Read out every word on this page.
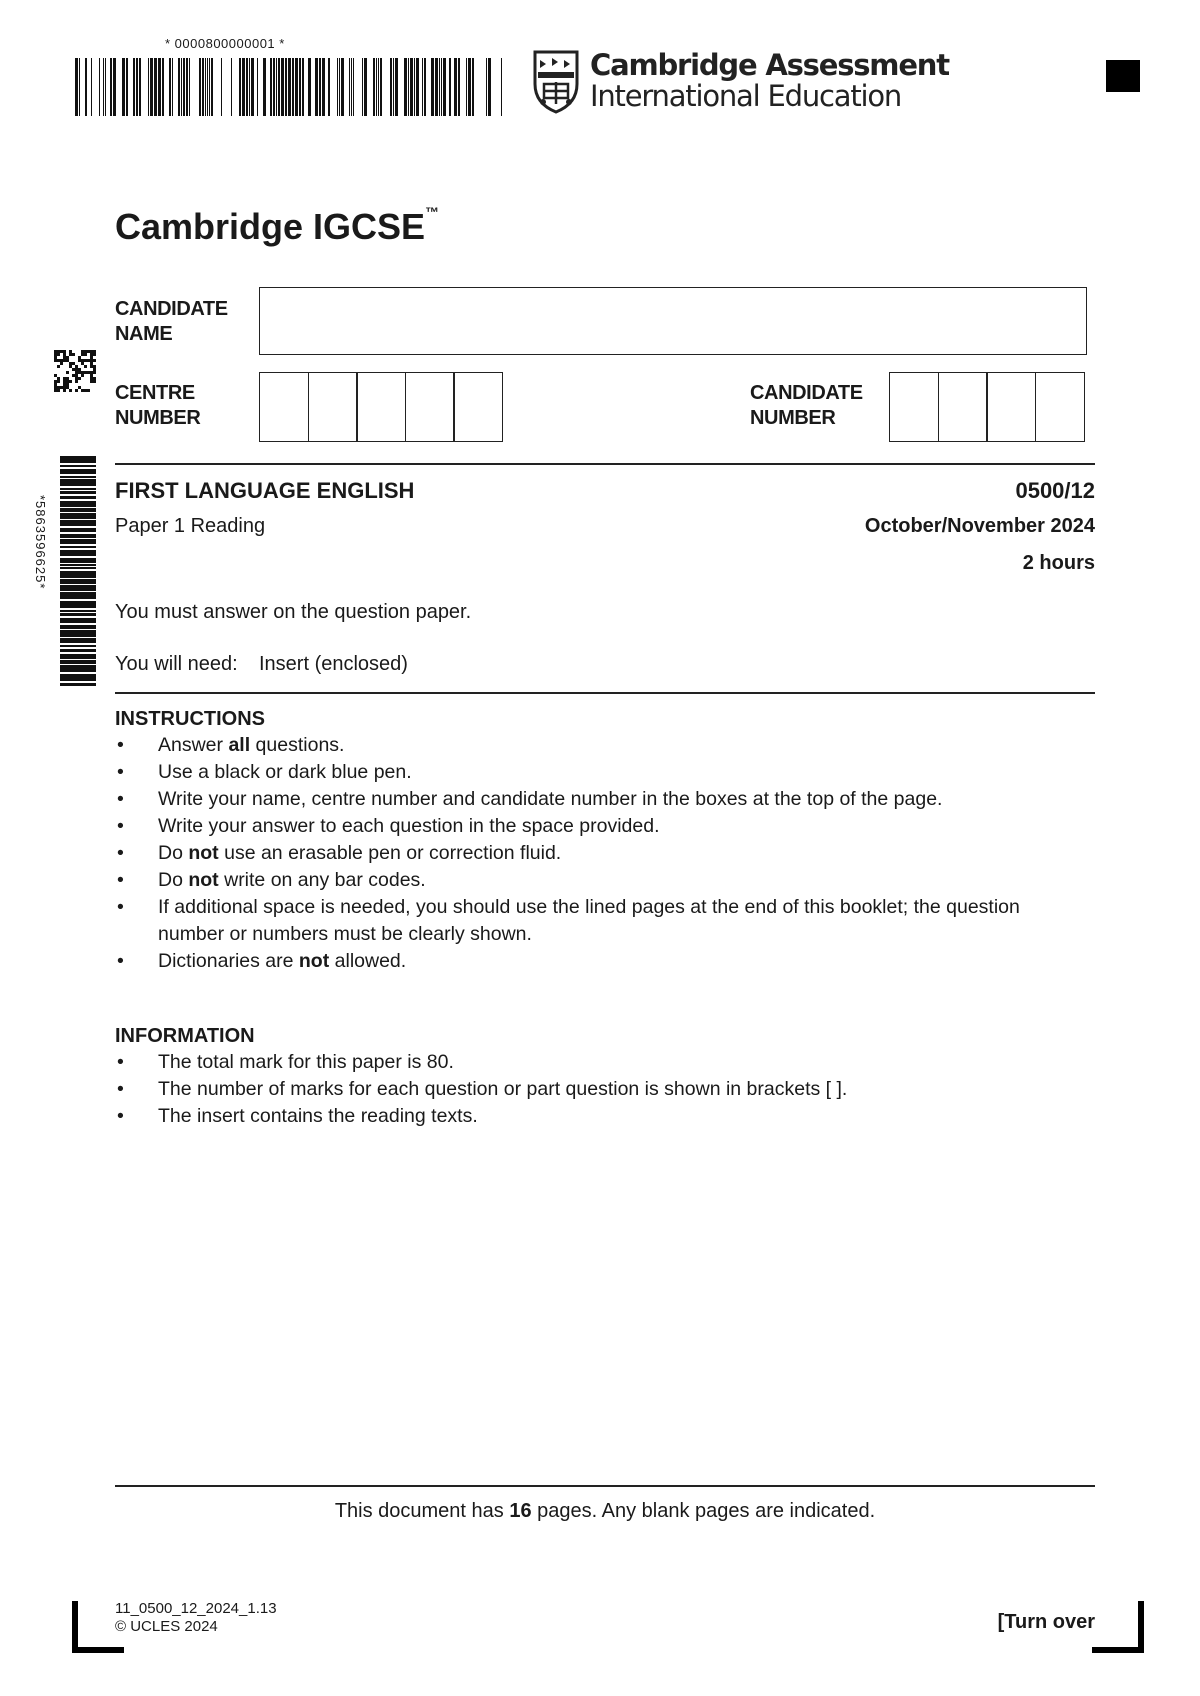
* 0000800000001 *
Cambridge Assessment
International Education
Cambridge IGCSE™
CANDIDATE NAME
CENTRE NUMBER
CANDIDATE NUMBER
*5863596625*
FIRST LANGUAGE ENGLISH	0500/12
Paper 1 Reading	October/November 2024
2 hours
You must answer on the question paper.
You will need: Insert (enclosed)
INSTRUCTIONS
• Answer all questions.
• Use a black or dark blue pen.
• Write your name, centre number and candidate number in the boxes at the top of the page.
• Write your answer to each question in the space provided.
• Do not use an erasable pen or correction fluid.
• Do not write on any bar codes.
• If additional space is needed, you should use the lined pages at the end of this booklet; the question number or numbers must be clearly shown.
• Dictionaries are not allowed.
INFORMATION
• The total mark for this paper is 80.
• The number of marks for each question or part question is shown in brackets [ ].
• The insert contains the reading texts.
This document has 16 pages. Any blank pages are indicated.
11_0500_12_2024_1.13
© UCLES 2024	[Turn over
